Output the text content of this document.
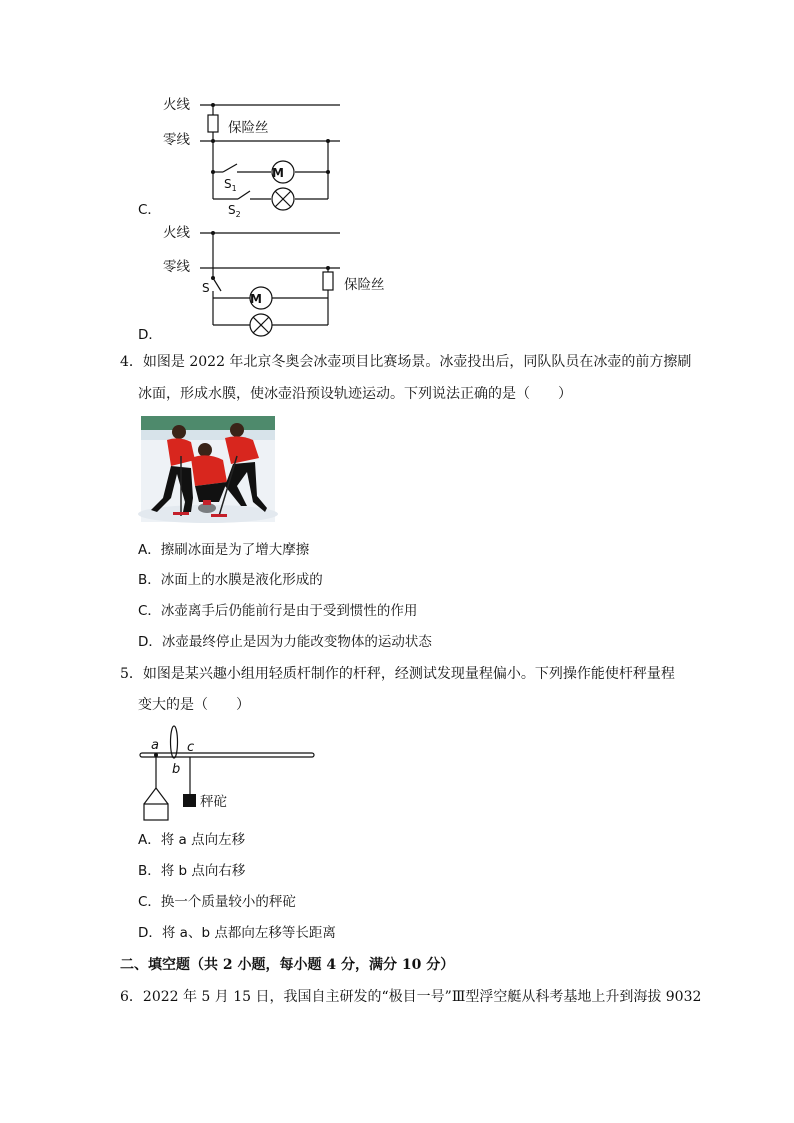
火线
零线
保险丝
M
$S_1$
$S_2$
C．
火线
零线
S
M
保险丝
D．
4．如图是 2022 年北京冬奥会冰壶项目比赛场景。冰壶投出后，同队队员在冰壶的前方擦刷
冰面，形成水膜，使冰壶沿预设轨迹运动。下列说法正确的是（　　）
A．擦刷冰面是为了增大摩擦
B．冰面上的水膜是液化形成的
C．冰壶离手后仍能前行是由于受到惯性的作用
D．冰壶最终停止是因为力能改变物体的运动状态
5．如图是某兴趣小组用轻质杆制作的杆秤，经测试发现量程偏小。下列操作能使杆秤量程
变大的是（　　）
a
b
c
秤砣
A．将 a 点向左移
B．将 b 点向右移
C．换一个质量较小的秤砣
D．将 a、b 点都向左移等长距离
二、填空题（共 2 小题，每小题 4 分，满分 10 分）
6．2022 年 5 月 15 日，我国自主研发的“极目一号”Ⅲ型浮空艇从科考基地上升到海拔 9032
